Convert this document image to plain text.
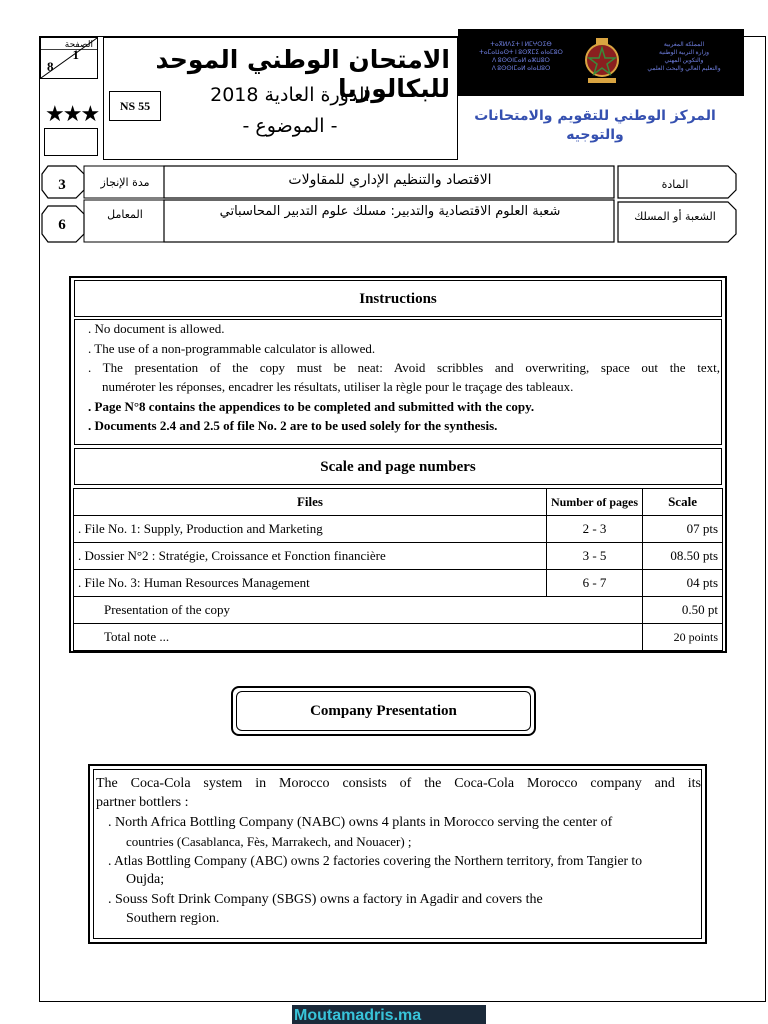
الصفحة
1
8
★★★	NS 55
الامتحان الوطني الموحد للبكالوريا
الدورة العادية 2018
- الموضوع -
ⵜⴰⴳⵍⴷⵉⵜ ⵏ ⵍⵎⵖⵔⵉⴱ
ⵜⴰⵎⴰⵡⴰⵙⵜ ⵏ ⵓⵙⴳⵎⵉ ⴰⵏⴰⵎⵓⵔ
ⴷ ⵓⵙⵙⵏⵎⴰⵍ ⴰⵣⵡⵓⵔ
ⴷ ⵓⵙⵙⵏⵎⴰⵍ ⴰⵏⴰⵡⵓⵔ
المملكة المغربية
وزارة التربية الوطنية
والتكوين المهني
والتعليم العالي والبحث العلمي
المركز الوطني للتقويم والامتحانات والتوجيه
3
6
مدة الإنجاز
المعامل
الاقتصاد والتنظيم الإداري للمقاولات
شعبة العلوم الاقتصادية والتدبير: مسلك علوم التدبير المحاسباتي
المادة
الشعبة أو المسلك
Instructions
. No document is allowed.
. The use of a non-programmable calculator is allowed.
. The presentation of the copy must be neat: Avoid scribbles and overwriting, space out the text,
numéroter les réponses, encadrer les résultats, utiliser la règle pour le traçage des tableaux.
. Page N°8 contains the appendices to be completed and submitted with the copy.
. Documents 2.4 and 2.5 of file No. 2 are to be used solely for the synthesis.
Scale and page numbers
Files	Number of pages	Scale
. File No. 1: Supply, Production and Marketing	2 - 3	07 pts
. Dossier N°2 : Stratégie, Croissance et Fonction financière	3 - 5	08.50 pts
. File No. 3: Human Resources Management	6 - 7	04 pts
Presentation of the copy		0.50 pt
Total note ...		20 points
Company Presentation
The Coca-Cola system in Morocco consists of the Coca-Cola Morocco company and its
partner bottlers :
. North Africa Bottling Company (NABC) owns 4 plants in Morocco serving the center of
countries (Casablanca, Fès, Marrakech, and Nouacer) ;
. Atlas Bottling Company (ABC) owns 2 factories covering the Northern territory, from Tangier to
Oujda;
. Souss Soft Drink Company (SBGS) owns a factory in Agadir and covers the
Southern region.
Moutamadris.ma
